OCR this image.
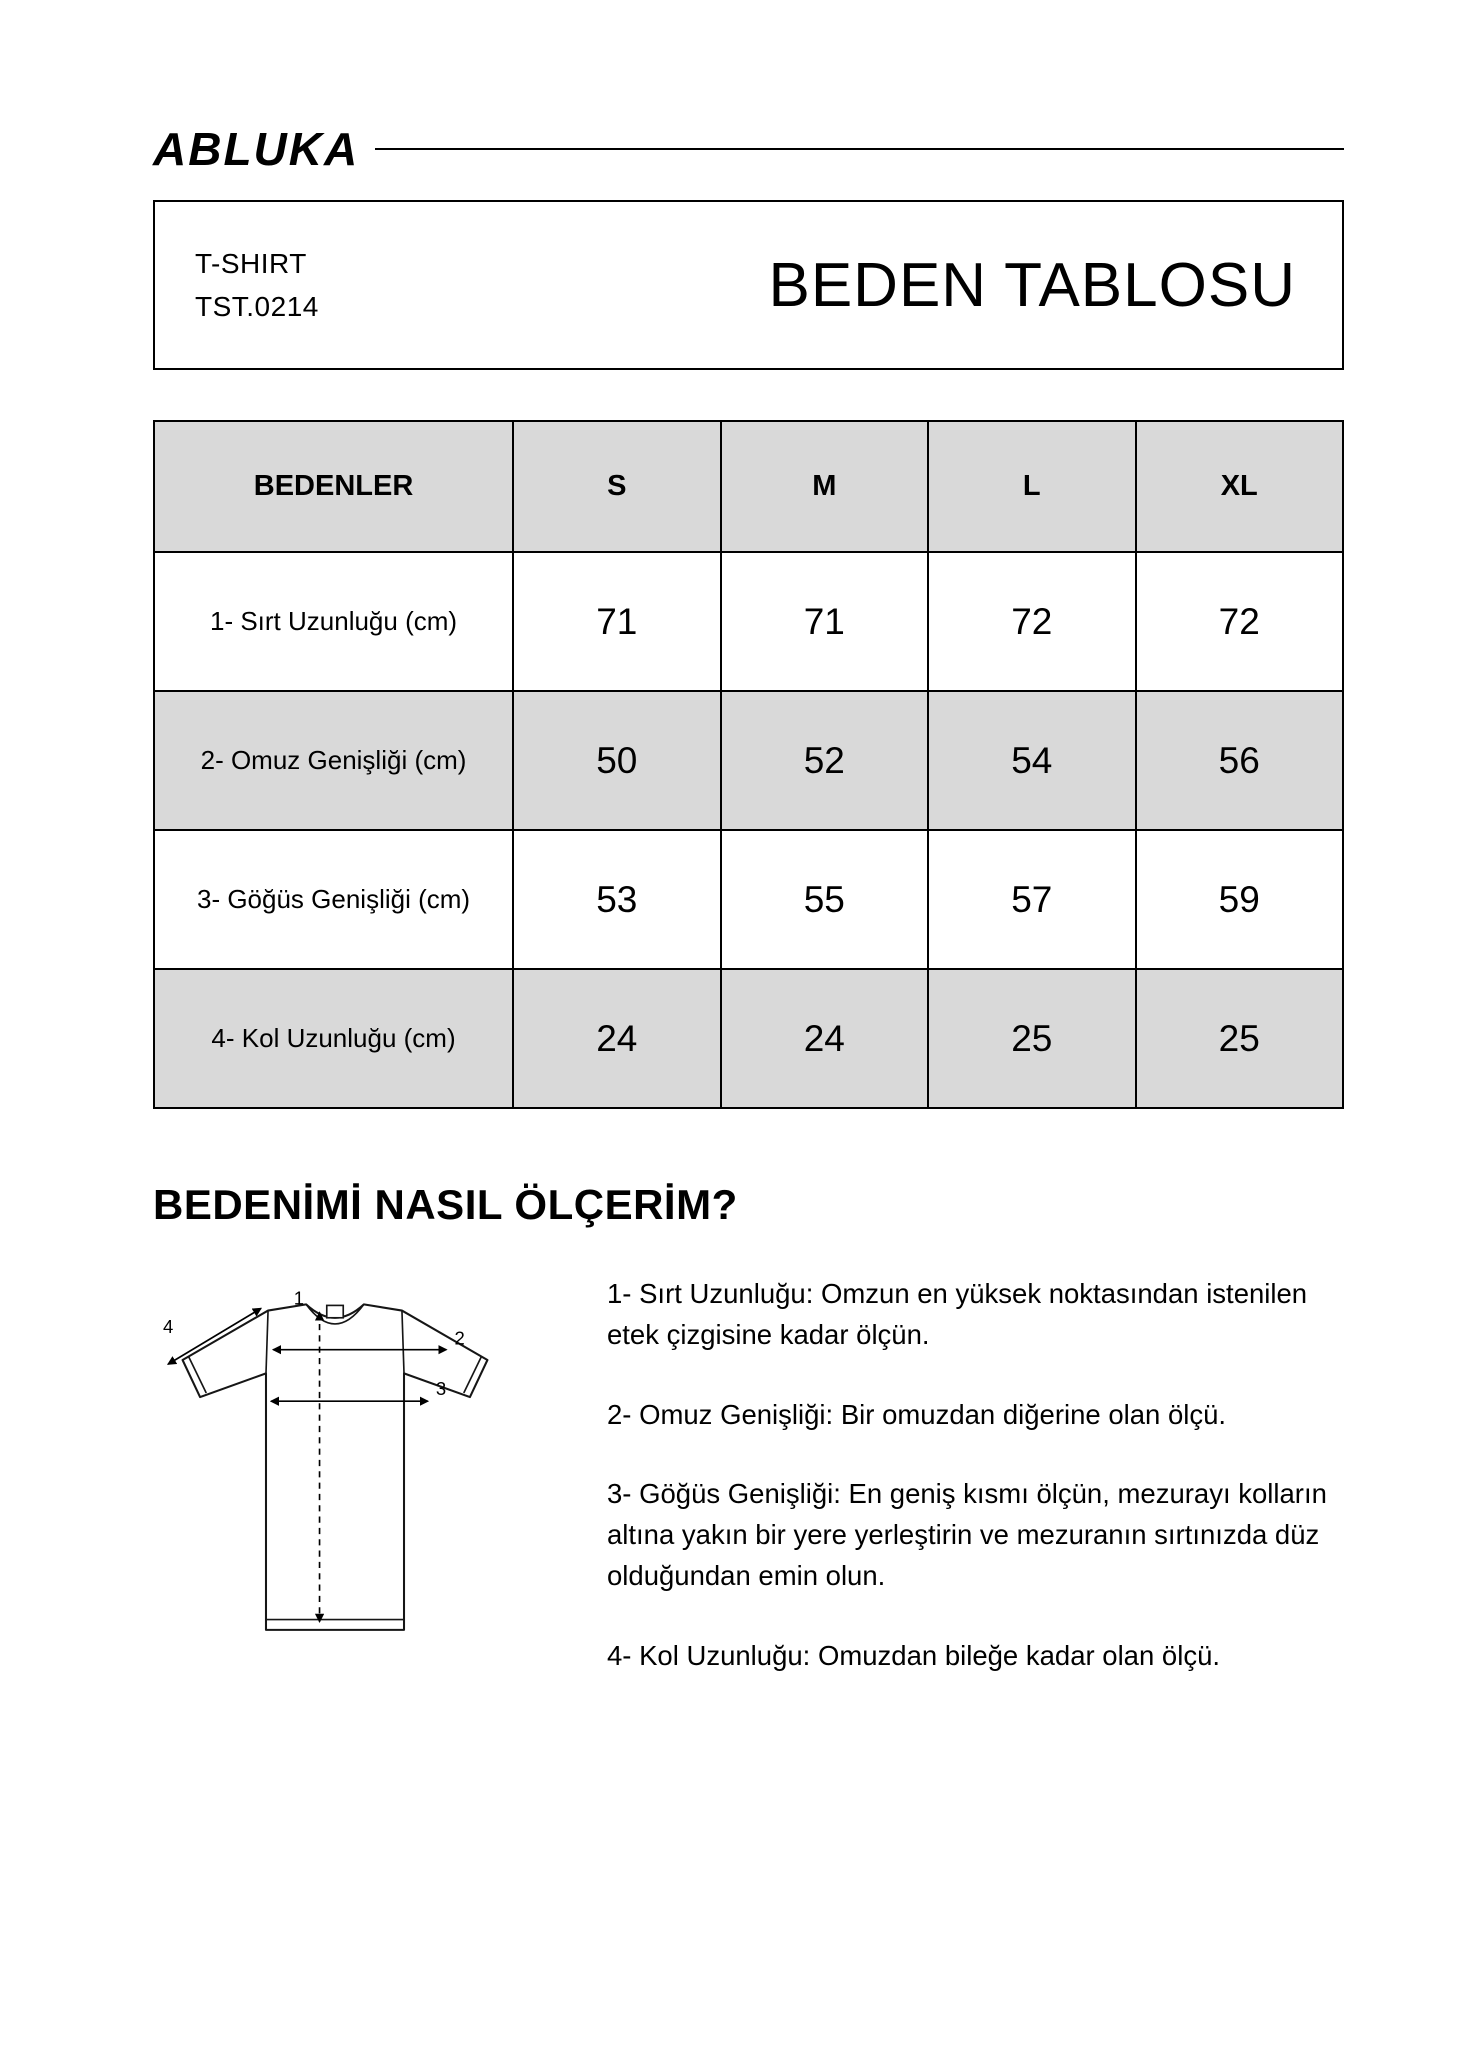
ABLUKA
T-SHIRT
TST.0214	BEDEN TABLOSU
BEDENLER	S	M	L	XL
1- Sırt Uzunluğu (cm)	71	71	72	72
2- Omuz Genişliği (cm)	50	52	54	56
3- Göğüs Genişliği (cm)	53	55	57	59
4- Kol Uzunluğu (cm)	24	24	25	25
BEDENİMİ NASIL ÖLÇERİM?
1
2
3
4

1- Sırt Uzunluğu: Omzun en yüksek noktasından istenilen etek çizgisine kadar ölçün.

2- Omuz Genişliği: Bir omuzdan diğerine olan ölçü.

3- Göğüs Genişliği: En geniş kısmı ölçün, mezurayı kolların altına yakın bir yere yerleştirin ve mezuranın sırtınızda düz olduğundan emin olun.

4- Kol Uzunluğu: Omuzdan bileğe kadar olan ölçü.
